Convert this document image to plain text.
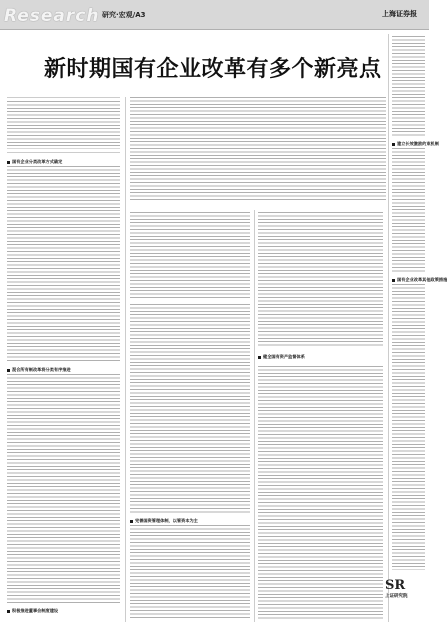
Research 研究·宏观/A3	上海证券报
新时期国有企业改革有多个新亮点
国有企业分类改革方式确定
混合所有制改革将分类有序推进
积极推进董事会制度建设
完善国资管理体制，以管资本为主
健全国有资产监督体系
建立长效激励约束机制
国有企业改革其他政策措施
SR
上证研究院
